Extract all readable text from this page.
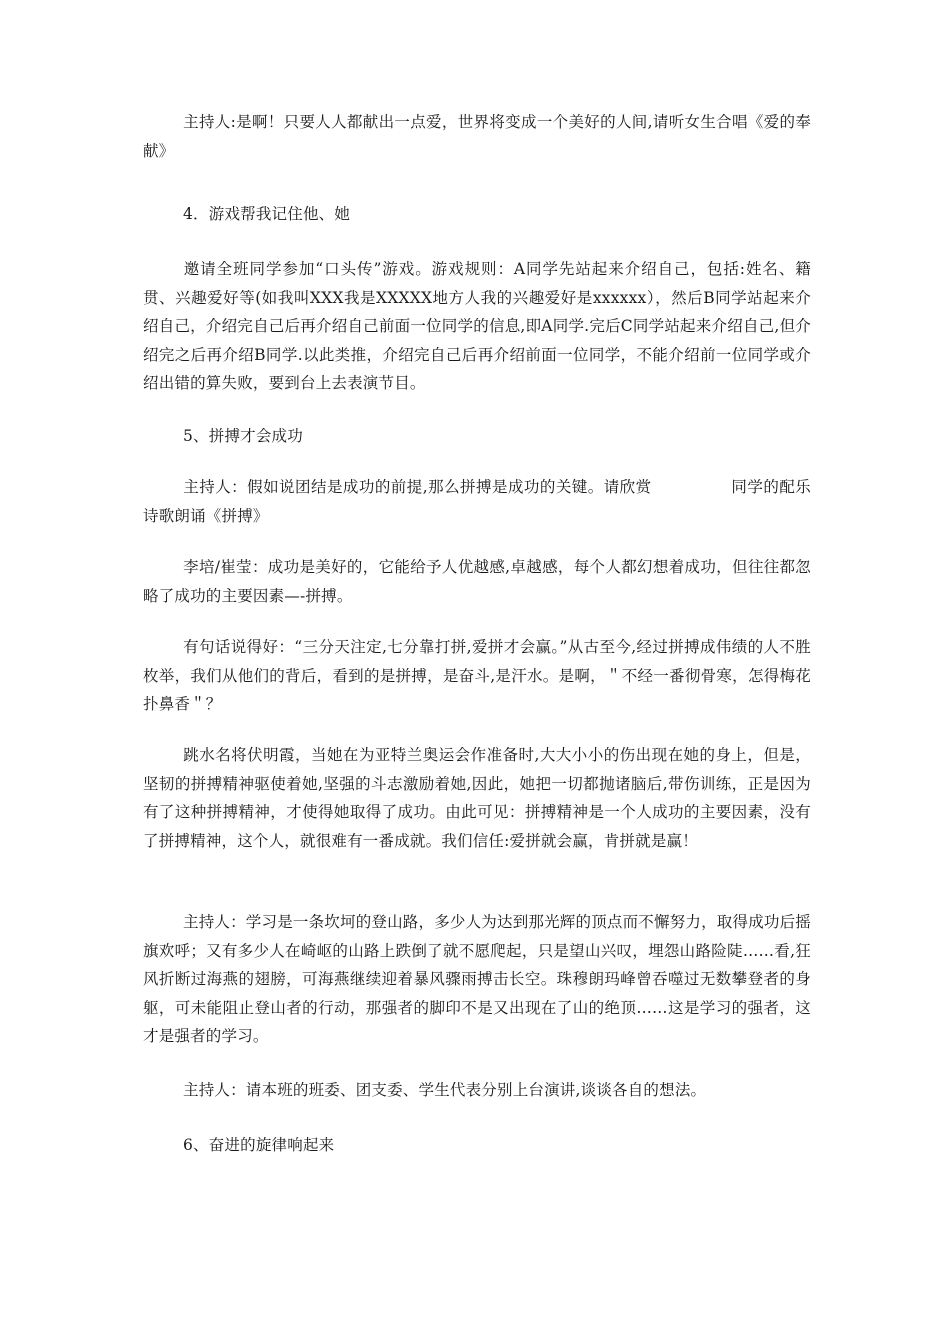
主持人:是啊！只要人人都献出一点爱，世界将变成一个美好的人间,请听女生合唱《爱的奉献》

4．游戏帮我记住他、她

邀请全班同学参加“口头传”游戏。游戏规则：A同学先站起来介绍自己，包括:姓名、籍贯、兴趣爱好等(如我叫XXX我是XXXXX地方人我的兴趣爱好是xxxxxx），然后B同学站起来介绍自己，介绍完自己后再介绍自己前面一位同学的信息,即A同学.完后C同学站起来介绍自己,但介绍完之后再介绍B同学.以此类推，介绍完自己后再介绍前面一位同学，不能介绍前一位同学或介绍出错的算失败，要到台上去表演节目。

5、拼搏才会成功

主持人：假如说团结是成功的前提,那么拼搏是成功的关键。请欣赏　　　　　同学的配乐诗歌朗诵《拼搏》

李培/崔莹：成功是美好的，它能给予人优越感,卓越感，每个人都幻想着成功，但往往都忽略了成功的主要因素—-拼搏。

有句话说得好：“三分天注定,七分靠打拼,爱拼才会赢。”从古至今,经过拼搏成伟绩的人不胜枚举，我们从他们的背后，看到的是拼搏，是奋斗,是汗水。是啊，＂不经一番彻骨寒，怎得梅花扑鼻香＂？

跳水名将伏明霞，当她在为亚特兰奥运会作准备时,大大小小的伤出现在她的身上，但是，坚韧的拼搏精神驱使着她,坚强的斗志激励着她,因此，她把一切都抛诸脑后,带伤训练，正是因为有了这种拼搏精神，才使得她取得了成功。由此可见：拼搏精神是一个人成功的主要因素，没有了拼搏精神，这个人，就很难有一番成就。我们信任:爱拼就会赢，肯拼就是赢！

主持人：学习是一条坎坷的登山路，多少人为达到那光辉的顶点而不懈努力，取得成功后摇旗欢呼；又有多少人在崎岖的山路上跌倒了就不愿爬起，只是望山兴叹，埋怨山路险陡……看,狂风折断过海燕的翅膀，可海燕继续迎着暴风骤雨搏击长空。珠穆朗玛峰曾吞噬过无数攀登者的身躯，可未能阻止登山者的行动，那强者的脚印不是又出现在了山的绝顶……这是学习的强者，这才是强者的学习。

主持人：请本班的班委、团支委、学生代表分别上台演讲,谈谈各自的想法。

6、奋进的旋律响起来
